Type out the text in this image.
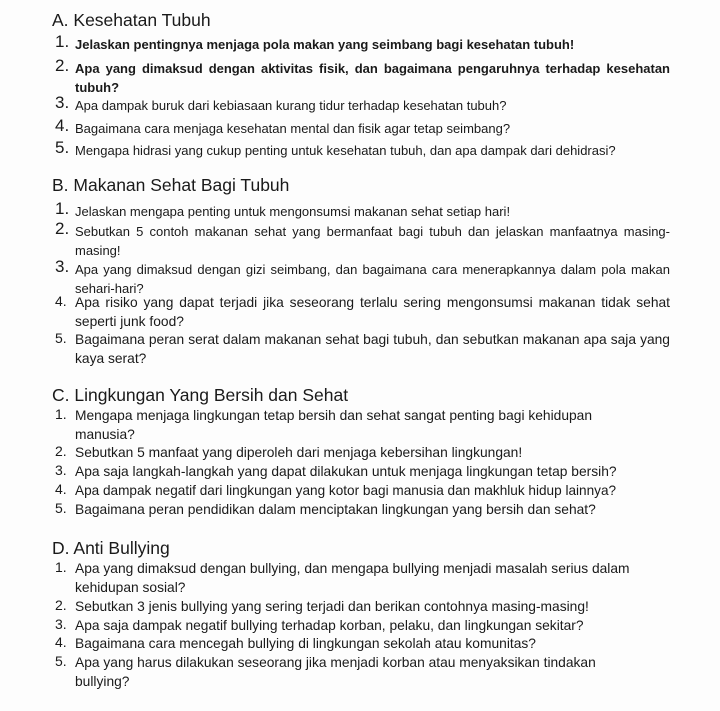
A. Kesehatan Tubuh
1. Jelaskan pentingnya menjaga pola makan yang seimbang bagi kesehatan tubuh!
2. Apa yang dimaksud dengan aktivitas fisik, dan bagaimana pengaruhnya terhadap kesehatan tubuh?
3. Apa dampak buruk dari kebiasaan kurang tidur terhadap kesehatan tubuh?
4. Bagaimana cara menjaga kesehatan mental dan fisik agar tetap seimbang?
5. Mengapa hidrasi yang cukup penting untuk kesehatan tubuh, dan apa dampak dari dehidrasi?
B. Makanan Sehat Bagi Tubuh
1. Jelaskan mengapa penting untuk mengonsumsi makanan sehat setiap hari!
2. Sebutkan 5 contoh makanan sehat yang bermanfaat bagi tubuh dan jelaskan manfaatnya masing-masing!
3. Apa yang dimaksud dengan gizi seimbang, dan bagaimana cara menerapkannya dalam pola makan sehari-hari?
4. Apa risiko yang dapat terjadi jika seseorang terlalu sering mengonsumsi makanan tidak sehat seperti junk food?
5. Bagaimana peran serat dalam makanan sehat bagi tubuh, dan sebutkan makanan apa saja yang kaya serat?
C. Lingkungan Yang Bersih dan Sehat
1. Mengapa menjaga lingkungan tetap bersih dan sehat sangat penting bagi kehidupan manusia?
2. Sebutkan 5 manfaat yang diperoleh dari menjaga kebersihan lingkungan!
3. Apa saja langkah-langkah yang dapat dilakukan untuk menjaga lingkungan tetap bersih?
4. Apa dampak negatif dari lingkungan yang kotor bagi manusia dan makhluk hidup lainnya?
5. Bagaimana peran pendidikan dalam menciptakan lingkungan yang bersih dan sehat?
D. Anti Bullying
1. Apa yang dimaksud dengan bullying, dan mengapa bullying menjadi masalah serius dalam kehidupan sosial?
2. Sebutkan 3 jenis bullying yang sering terjadi dan berikan contohnya masing-masing!
3. Apa saja dampak negatif bullying terhadap korban, pelaku, dan lingkungan sekitar?
4. Bagaimana cara mencegah bullying di lingkungan sekolah atau komunitas?
5. Apa yang harus dilakukan seseorang jika menjadi korban atau menyaksikan tindakan bullying?
